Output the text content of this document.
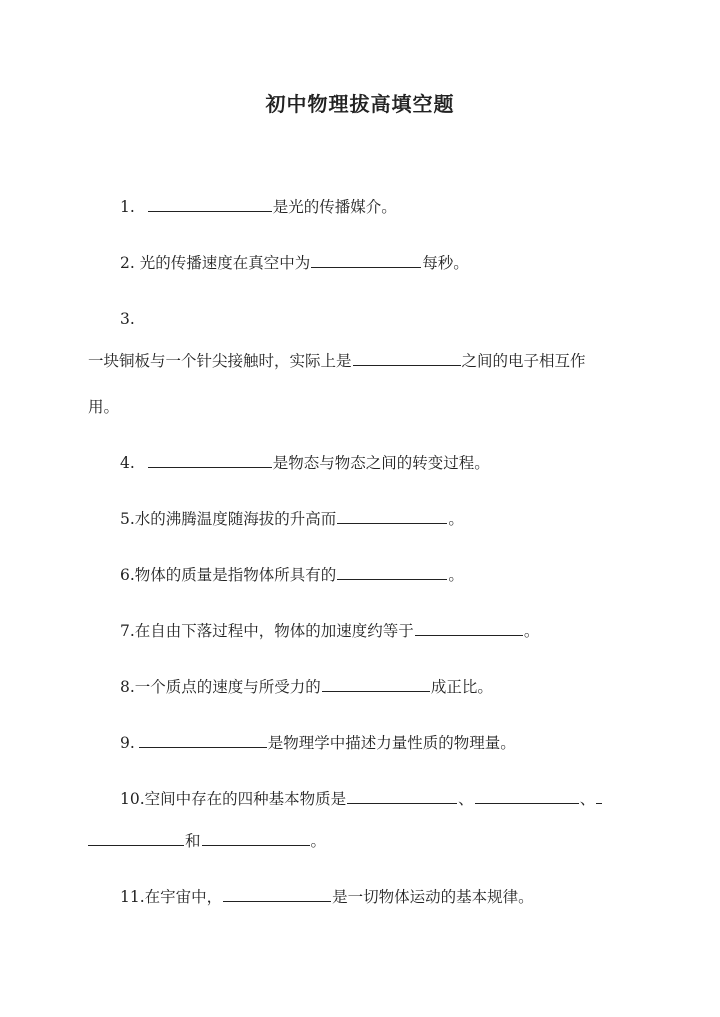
初中物理拔高填空题
1.	是光的传播媒介。
2. 光的传播速度在真空中为	每秒。
3.
一块铜板与一个针尖接触时，实际上是	之间的电子相互作
用。
4.	是物态与物态之间的转变过程。
5.水的沸腾温度随海拔的升高而	。
6.物体的质量是指物体所具有的	。
7.在自由下落过程中，物体的加速度约等于	。
8.一个质点的速度与所受力的	成正比。
9.	是物理学中描述力量性质的物理量。
10.空间中存在的四种基本物质是	、	、
和	。
11.在宇宙中，	是一切物体运动的基本规律。
